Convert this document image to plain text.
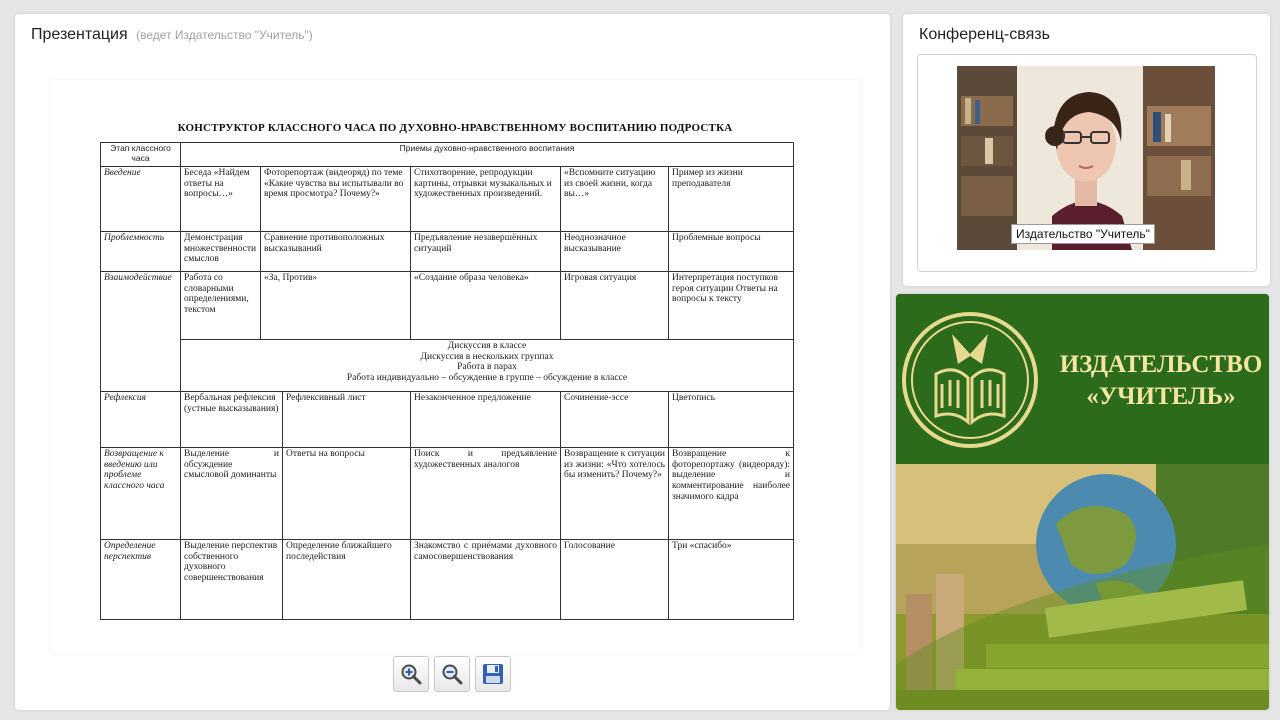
Презентация (ведет Издательство "Учитель")
КОНСТРУКТОР КЛАССНОГО ЧАСА ПО ДУХОВНО-НРАВСТВЕННОМУ ВОСПИТАНИЮ ПОДРОСТКА
Этап классного часа	Приемы духовно-нравственного воспитания					
Введение	Беседа «Найдем ответы на вопросы…»	Фоторепортаж (видеоряд) по теме «Какие чувства вы испытывали во время просмотра? Почему?»		Стихотворение, репродукции картины, отрывки музыкальных и художественных произведений.	«Вспомните ситуацию из своей жизни, когда вы…»	Пример из жизни преподавателя
Проблемность	Демонстрация множественности смыслов	Сравнение противоположных высказываний		Предъявление незавершённых ситуаций	Неоднозначное высказывание	Проблемные вопросы
Взаимодействие	Работа со словарными определениями, текстом	«За, Против»		«Создание образа человека»	Игровая ситуация	Интерпретация поступков героя ситуации Ответы на вопросы к тексту

	Дискуссия в классе
Дискуссия в нескольких группах
Работа в парах
Работа индивидуально – обсуждение в группе – обсуждение в классе					

Рефлексия	Вербальная рефлексия (устные высказывания)		Рефлексивный лист	Незаконченное предложение	Сочинение-эссе	Цветопись
Возвращение к введению или проблеме классного часа	Выделение и обсуждение смысловой доминанты		Ответы на вопросы	Поиск и предъявление художественных аналогов	Возвращение к ситуации из жизни: «Что хотелось бы изменить? Почему?»	Возвращение к фоторепортажу (видеоряду): выделение и комментирование наиболее значимого кадра
Определение перспектив	Выделение перспектив собственного духовного совершенствования		Определение ближайшего последействия	Знакомство с приёмами духовного самосовершенствования	Голосование	Три «спасибо»
Конференц-связь
Издательство "Учитель"
ИЗДАТЕЛЬСТВО
«УЧИТЕЛЬ»
